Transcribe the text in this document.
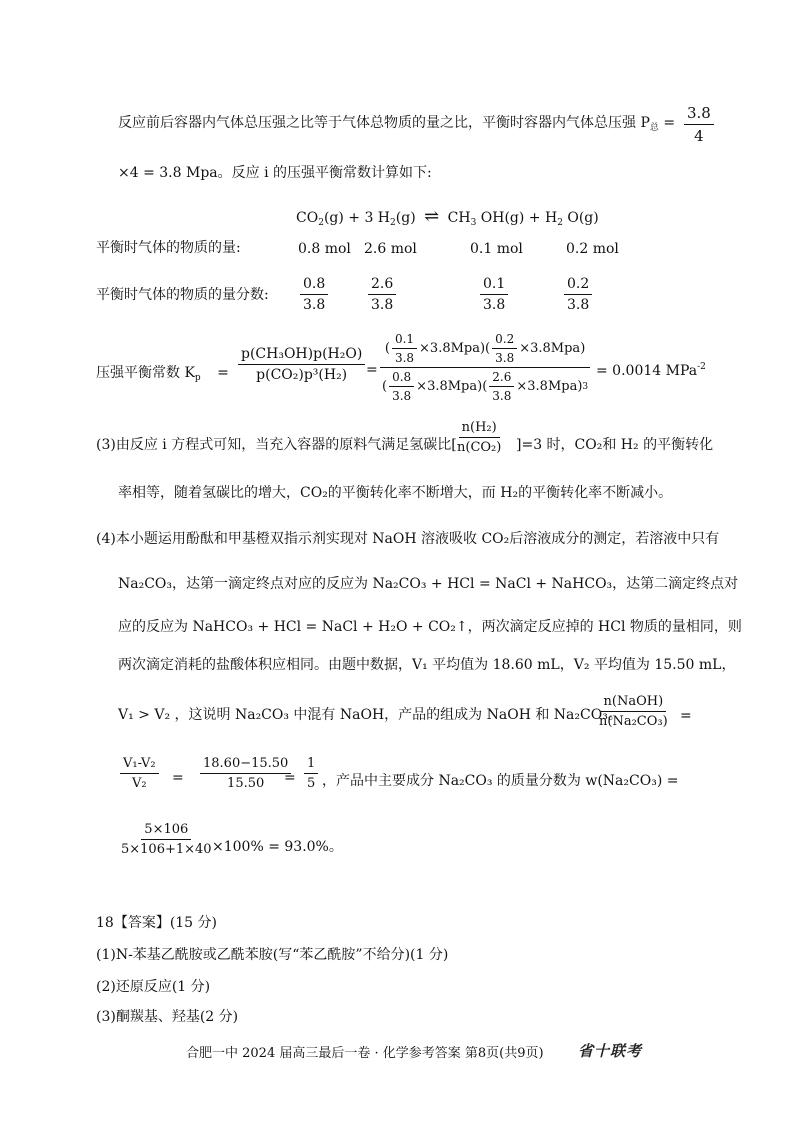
反应前后容器内气体总压强之比等于气体总物质的量之比，平衡时容器内气体总压强 $P_总 = \frac{3.8}{4}$
×4 = 3.8 Mpa。反应 i 的压强平衡常数计算如下:
$CO_2(g) + 3$ $H_2(g)$ ⇌ $CH_3$ $OH(g) + H_2$ O(g)
平衡时气体的物质的量:	0.8 mol 2.6 mol	0.1 mol	0.2 mol
平衡时气体的物质的量分数: $\frac{0.8}{3.8}$	$\frac{2.6}{3.8}$	$\frac{0.1}{3.8}$	$\frac{0.2}{3.8}$
压强平衡常数 $K_p = \frac{\text{p(CH₃OH)p(H₂O)}}{\text{p(CO₂)p³(H₂)}}$ =
( $\frac{0.1}{3.8} \times 3.8Mpa$ )( $\frac{0.2}{3.8} \times 3.8Mpa$ )
( $\frac{0.8}{3.8} \times 3.8Mpa$ )( $\frac{2.6}{3.8} \times 3.8Mpa$ ) 3
= 0.0014 MPa$^{-2}$
(3)由反应 i 方程式可知，当充入容器的原料气满足氢碳比[
$\frac{\text{n(H₂)}}{\text{n(CO₂)}} ]=3$ 时，CO₂和 H₂ 的平衡转化
率相等，随着氢碳比的增大，CO₂的平衡转化率不断增大，而 H₂的平衡转化率不断减小。
(4)本小题运用酚酞和甲基橙双指示剂实现对 NaOH 溶液吸收 CO₂后溶液成分的测定，若溶液中只有
Na₂CO₃，达第一滴定终点对应的反应为 Na₂CO₃ + HCl = NaCl + NaHCO₃，达第二滴定终点对
应的反应为 NaHCO₃ + HCl = NaCl + H₂O + CO₂↑，两次滴定反应掉的 HCl 物质的量相同，则
两次滴定消耗的盐酸体积应相同。由题中数据，V₁ 平均值为 18.60 mL，V₂ 平均值为 15.50 mL，
V₁ > V₂ ，这说明 Na₂CO₃ 中混有 NaOH，产品的组成为 NaOH 和 Na₂CO₃。
n(NaOH)
n(Na₂CO₃) =
$\frac{\text{V₁-V₂}}{\text{V₂}} = \frac{18.60-15.50}{15.50}$
= $\frac{1}{5}$ ，产品中主要成分 Na₂CO₃ 的质量分数为 w(Na₂CO₃) =
$\frac{5\times 106}{5\times 106+1\times 40}$
×100% = 93.0%。
18【答案】(15 分)
(1)N-苯基乙酰胺或乙酰苯胺(写“苯乙酰胺”不给分)(1 分)
(2)还原反应(1 分)
(3)酮羰基、羟基(2 分)
合肥一中 2024 届高三最后一卷 · 化学参考答案 第8页(共9页) 省十联考
